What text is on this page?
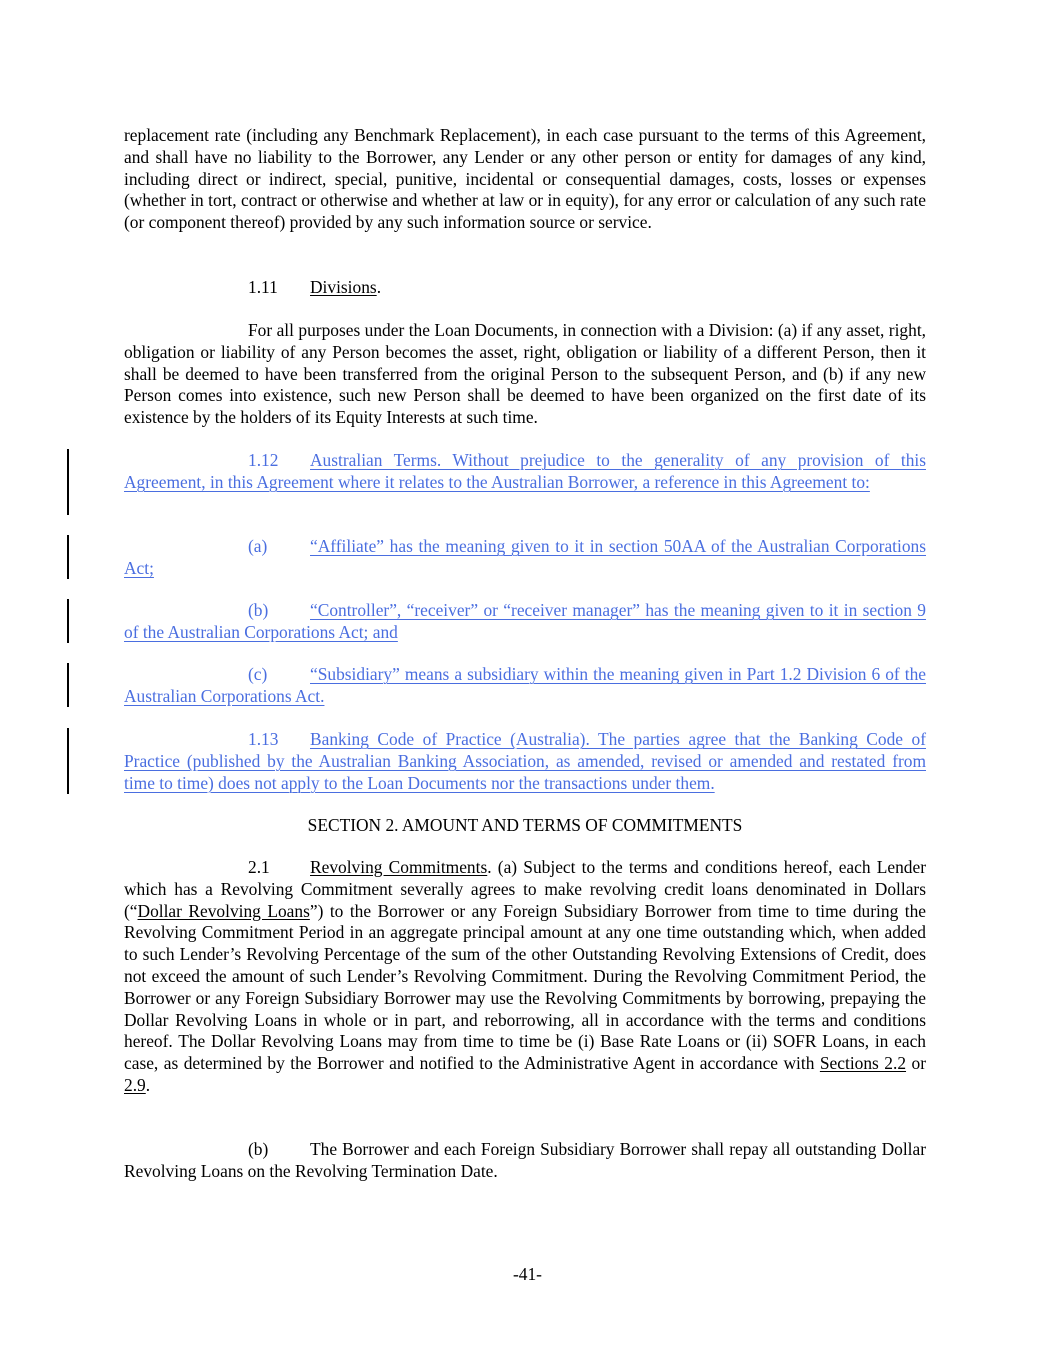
replacement rate (including any Benchmark Replacement), in each case pursuant to the terms of this Agreement, and shall have no liability to the Borrower, any Lender or any other person or entity for damages of any kind, including direct or indirect, special, punitive, incidental or consequential damages, costs, losses or expenses (whether in tort, contract or otherwise and whether at law or in equity), for any error or calculation of any such rate (or component thereof) provided by any such information source or service.

1.11 Divisions.

For all purposes under the Loan Documents, in connection with a Division: (a) if any asset, right, obligation or liability of any Person becomes the asset, right, obligation or liability of a different Person, then it shall be deemed to have been transferred from the original Person to the subsequent Person, and (b) if any new Person comes into existence, such new Person shall be deemed to have been organized on the first date of its existence by the holders of its Equity Interests at such time.

1.12 Australian Terms. Without prejudice to the generality of any provision of this Agreement, in this Agreement where it relates to the Australian Borrower, a reference in this Agreement to:

(a) “Affiliate” has the meaning given to it in section 50AA of the Australian Corporations Act;

(b) “Controller”, “receiver” or “receiver manager” has the meaning given to it in section 9 of the Australian Corporations Act; and

(c) “Subsidiary” means a subsidiary within the meaning given in Part 1.2 Division 6 of the Australian Corporations Act.

1.13 Banking Code of Practice (Australia). The parties agree that the Banking Code of Practice (published by the Australian Banking Association, as amended, revised or amended and restated from time to time) does not apply to the Loan Documents nor the transactions under them.

SECTION 2. AMOUNT AND TERMS OF COMMITMENTS

2.1 Revolving Commitments. (a) Subject to the terms and conditions hereof, each Lender which has a Revolving Commitment severally agrees to make revolving credit loans denominated in Dollars (“Dollar Revolving Loans”) to the Borrower or any Foreign Subsidiary Borrower from time to time during the Revolving Commitment Period in an aggregate principal amount at any one time outstanding which, when added to such Lender’s Revolving Percentage of the sum of the other Outstanding Revolving Extensions of Credit, does not exceed the amount of such Lender’s Revolving Commitment. During the Revolving Commitment Period, the Borrower or any Foreign Subsidiary Borrower may use the Revolving Commitments by borrowing, prepaying the Dollar Revolving Loans in whole or in part, and reborrowing, all in accordance with the terms and conditions hereof. The Dollar Revolving Loans may from time to time be (i) Base Rate Loans or (ii) SOFR Loans, in each case, as determined by the Borrower and notified to the Administrative Agent in accordance with Sections 2.2 or 2.9.

(b) The Borrower and each Foreign Subsidiary Borrower shall repay all outstanding Dollar Revolving Loans on the Revolving Termination Date.

-41-
